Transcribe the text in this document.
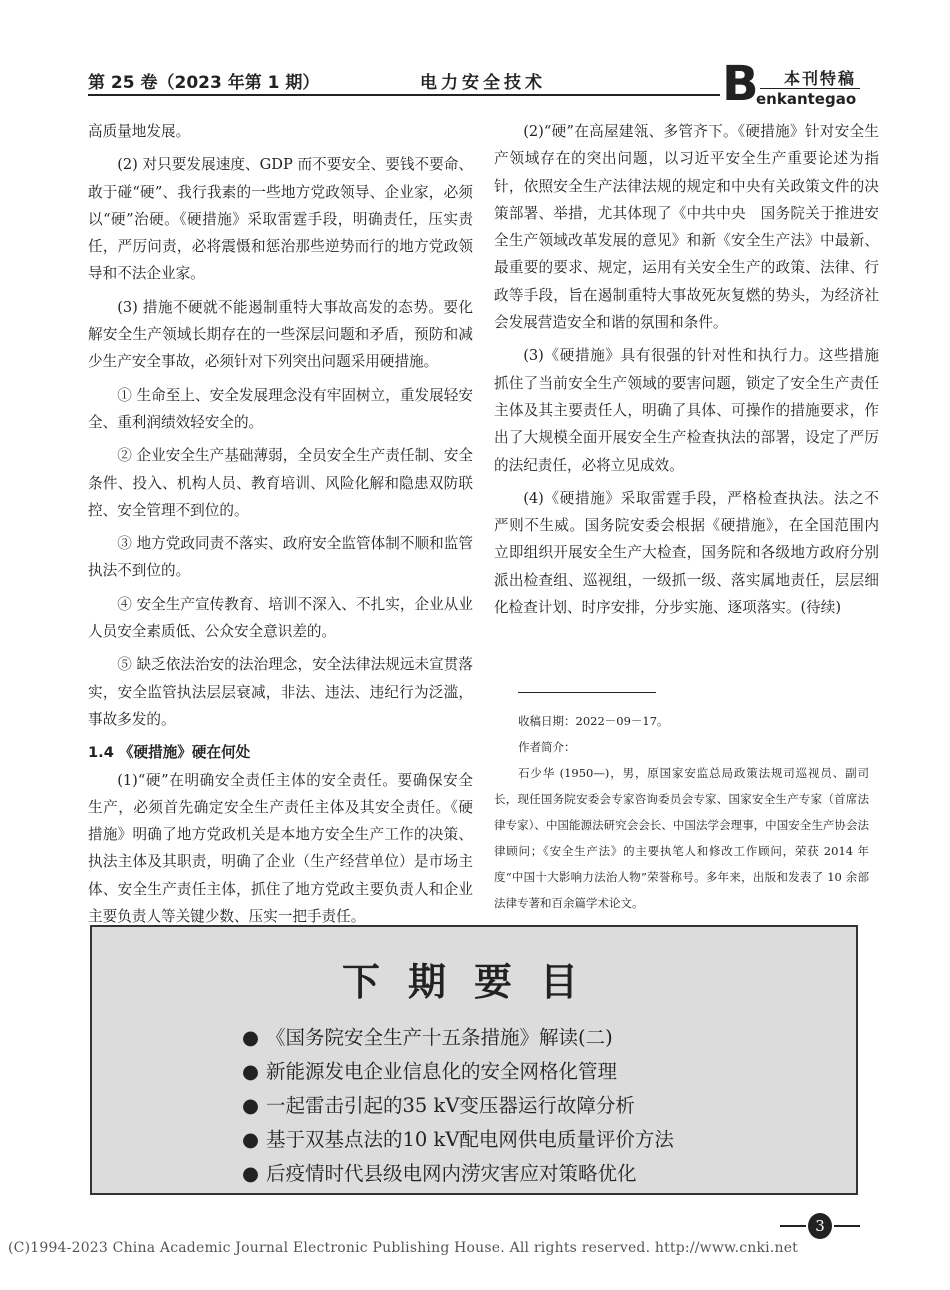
第 25 卷（2023 年第 1 期）	电力安全技术	B 本刊特稿
enkantegao

高质量地发展。

(2) 对只要发展速度、GDP 而不要安全、要钱不要命、敢于碰“硬”、我行我素的一些地方党政领导、企业家，必须以“硬”治硬。《硬措施》采取雷霆手段，明确责任，压实责任，严厉问责，必将震慑和惩治那些逆势而行的地方党政领导和不法企业家。

(3) 措施不硬就不能遏制重特大事故高发的态势。要化解安全生产领域长期存在的一些深层问题和矛盾，预防和减少生产安全事故，必须针对下列突出问题采用硬措施。

① 生命至上、安全发展理念没有牢固树立，重发展轻安全、重利润绩效轻安全的。

② 企业安全生产基础薄弱，全员安全生产责任制、安全条件、投入、机构人员、教育培训、风险化解和隐患双防联控、安全管理不到位的。

③ 地方党政同责不落实、政府安全监管体制不顺和监管执法不到位的。

④ 安全生产宣传教育、培训不深入、不扎实，企业从业人员安全素质低、公众安全意识差的。

⑤ 缺乏依法治安的法治理念，安全法律法规远未宣贯落实，安全监管执法层层衰减，非法、违法、违纪行为泛滥，事故多发的。

1.4 《硬措施》硬在何处

(1)“硬”在明确安全责任主体的安全责任。要确保安全生产，必须首先确定安全生产责任主体及其安全责任。《硬措施》明确了地方党政机关是本地方安全生产工作的决策、执法主体及其职责，明确了企业（生产经营单位）是市场主体、安全生产责任主体，抓住了地方党政主要负责人和企业主要负责人等关键少数、压实一把手责任。

(2)“硬”在高屋建瓴、多管齐下。《硬措施》针对安全生产领域存在的突出问题，以习近平安全生产重要论述为指针，依照安全生产法律法规的规定和中央有关政策文件的决策部署、举措，尤其体现了《中共中央　国务院关于推进安全生产领域改革发展的意见》和新《安全生产法》中最新、最重要的要求、规定，运用有关安全生产的政策、法律、行政等手段，旨在遏制重特大事故死灰复燃的势头，为经济社会发展营造安全和谐的氛围和条件。

(3)《硬措施》具有很强的针对性和执行力。这些措施抓住了当前安全生产领域的要害问题，锁定了安全生产责任主体及其主要责任人，明确了具体、可操作的措施要求，作出了大规模全面开展安全生产检查执法的部署，设定了严厉的法纪责任，必将立见成效。

(4)《硬措施》采取雷霆手段，严格检查执法。法之不严则不生威。国务院安委会根据《硬措施》，在全国范围内立即组织开展安全生产大检查，国务院和各级地方政府分别派出检查组、巡视组，一级抓一级、落实属地责任，层层细化检查计划、时序安排，分步实施、逐项落实。(待续)

收稿日期：2022－09－17。
作者简介：
石少华 (1950—)，男，原国家安监总局政策法规司巡视员、副司长，现任国务院安委会专家咨询委员会专家、国家安全生产专家（首席法律专家）、中国能源法研究会会长、中国法学会理事，中国安全生产协会法律顾问；《安全生产法》的主要执笔人和修改工作顾问，荣获 2014 年度“中国十大影响力法治人物”荣誉称号。多年来，出版和发表了 10 余部法律专著和百余篇学术论文。
下期要目
● 《国务院安全生产十五条措施》解读(二)
● 新能源发电企业信息化的安全网格化管理
● 一起雷击引起的35 kV变压器运行故障分析
● 基于双基点法的10 kV配电网供电质量评价方法
● 后疫情时代县级电网内涝灾害应对策略优化
3
(C)1994-2023 China Academic Journal Electronic Publishing House. All rights reserved. http://www.cnki.net
